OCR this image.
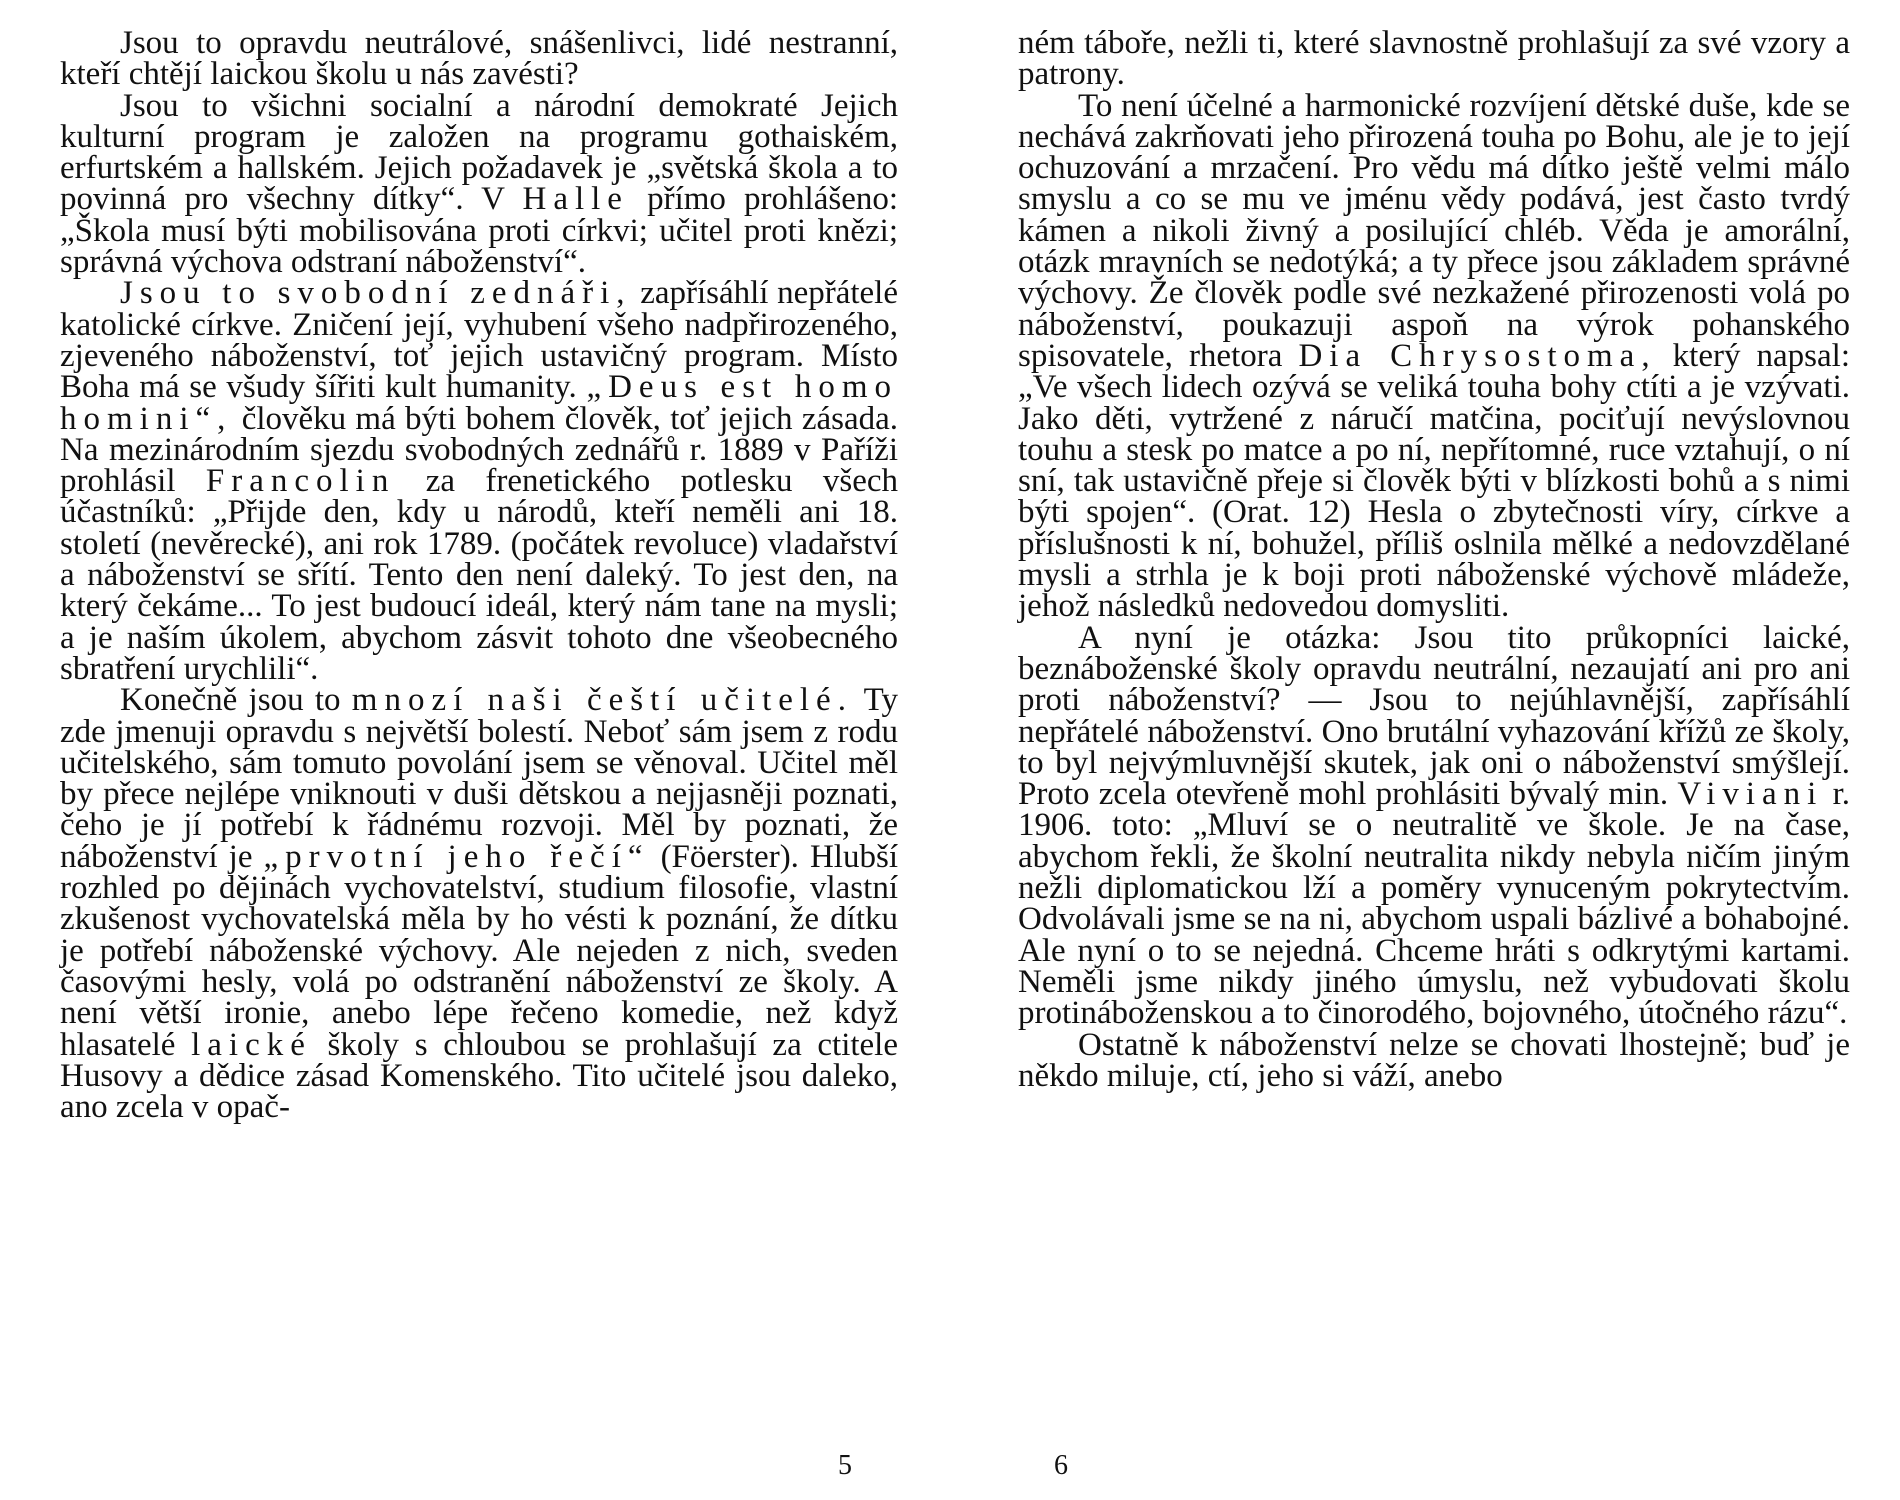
Jsou to opravdu neutrálové, snášenlivci, lidé nestranní, kteří chtějí laickou školu u nás zavésti?

Jsou to všichni socialní a národní demokraté Jejich kulturní program je založen na programu gothaiském, erfurtském a hallském. Jejich požadavek je „světská škola a to povinná pro všechny dítky“. V Halle přímo prohlášeno: „Škola musí býti mobilisována proti církvi; učitel proti knězi; správná výchova odstraní náboženství“.

Jsou to svobodní zednáři, zapřísáhlí nepřátelé katolické církve. Zničení její, vyhubení všeho nadpřirozeného, zjeveného náboženství, toť jejich ustavičný program. Místo Boha má se všudy šířiti kult humanity. „Deus est homo homini“, člověku má býti bohem člověk, toť jejich zásada. Na mezinárodním sjezdu svobodných zednářů r. 1889 v Paříži prohlásil Francolin za frenetického potlesku všech účastníků: „Přijde den, kdy u národů, kteří neměli ani 18. století (nevěrecké), ani rok 1789. (počátek revoluce) vladařství a náboženství se sřítí. Tento den není daleký. To jest den, na který čekáme... To jest budoucí ideál, který nám tane na mysli; a je naším úkolem, abychom zásvit tohoto dne všeobecného sbratření urychlili“.

Konečně jsou to mnozí naši čeští učitelé. Ty zde jmenuji opravdu s největší bolestí. Neboť sám jsem z rodu učitelského, sám tomuto povolání jsem se věnoval. Učitel měl by přece nejlépe vniknouti v duši dětskou a nejjasněji poznati, čeho je jí potřebí k řádnému rozvoji. Měl by poznati, že náboženství je „prvotní jeho řečí“ (Föerster). Hlubší rozhled po dějinách vychovatelství, studium filosofie, vlastní zkušenost vychovatelská měla by ho vésti k poznání, že dítku je potřebí náboženské výchovy. Ale nejeden z nich, sveden časovými hesly, volá po odstranění náboženství ze školy. A není větší ironie, anebo lépe řečeno komedie, než když hlasatelé laické školy s chloubou se prohlašují za ctitele Husovy a dědice zásad Komenského. Tito učitelé jsou daleko, ano zcela v opač-

5

ném táboře, nežli ti, které slavnostně prohlašují za své vzory a patrony.

To není účelné a harmonické rozvíjení dětské duše, kde se nechává zakrňovati jeho přirozená touha po Bohu, ale je to její ochuzování a mrzačení. Pro vědu má dítko ještě velmi málo smyslu a co se mu ve jménu vědy podává, jest často tvrdý kámen a nikoli živný a posilující chléb. Věda je amorální, otázk mravních se nedotýká; a ty přece jsou základem správné výchovy. Že člověk podle své nezkažené přirozenosti volá po náboženství, poukazuji aspoň na výrok pohanského spisovatele, rhetora Dia Chrysostoma, který napsal: „Ve všech lidech ozývá se veliká touha bohy ctíti a je vzývati. Jako děti, vytržené z náručí matčina, pociťují nevýslovnou touhu a stesk po matce a po ní, nepřítomné, ruce vztahují, o ní sní, tak ustavičně přeje si člověk býti v blízkosti bohů a s nimi býti spojen“. (Orat. 12) Hesla o zbytečnosti víry, církve a příslušnosti k ní, bohužel, příliš oslnila mělké a nedovzdělané mysli a strhla je k boji proti náboženské výchově mládeže, jehož následků nedovedou domysliti.

A nyní je otázka: Jsou tito průkopníci laické, beznáboženské školy opravdu neutrální, nezaujatí ani pro ani proti náboženství? — Jsou to nejúhlavnější, zapřísáhlí nepřátelé náboženství. Ono brutální vyhazování křížů ze školy, to byl nejvýmluvnější skutek, jak oni o náboženství smýšlejí. Proto zcela otevřeně mohl prohlásiti bývalý min. Viviani r. 1906. toto: „Mluví se o neutralitě ve škole. Je na čase, abychom řekli, že školní neutralita nikdy nebyla ničím jiným nežli diplomatickou lží a poměry vynuceným pokrytectvím. Odvolávali jsme se na ni, abychom uspali bázlivé a bohabojné. Ale nyní o to se nejedná. Chceme hráti s odkrytými kartami. Neměli jsme nikdy jiného úmyslu, než vybudovati školu protináboženskou a to činorodého, bojovného, útočného rázu“.

Ostatně k náboženství nelze se chovati lhostejně; buď je někdo miluje, ctí, jeho si váží, anebo

6
